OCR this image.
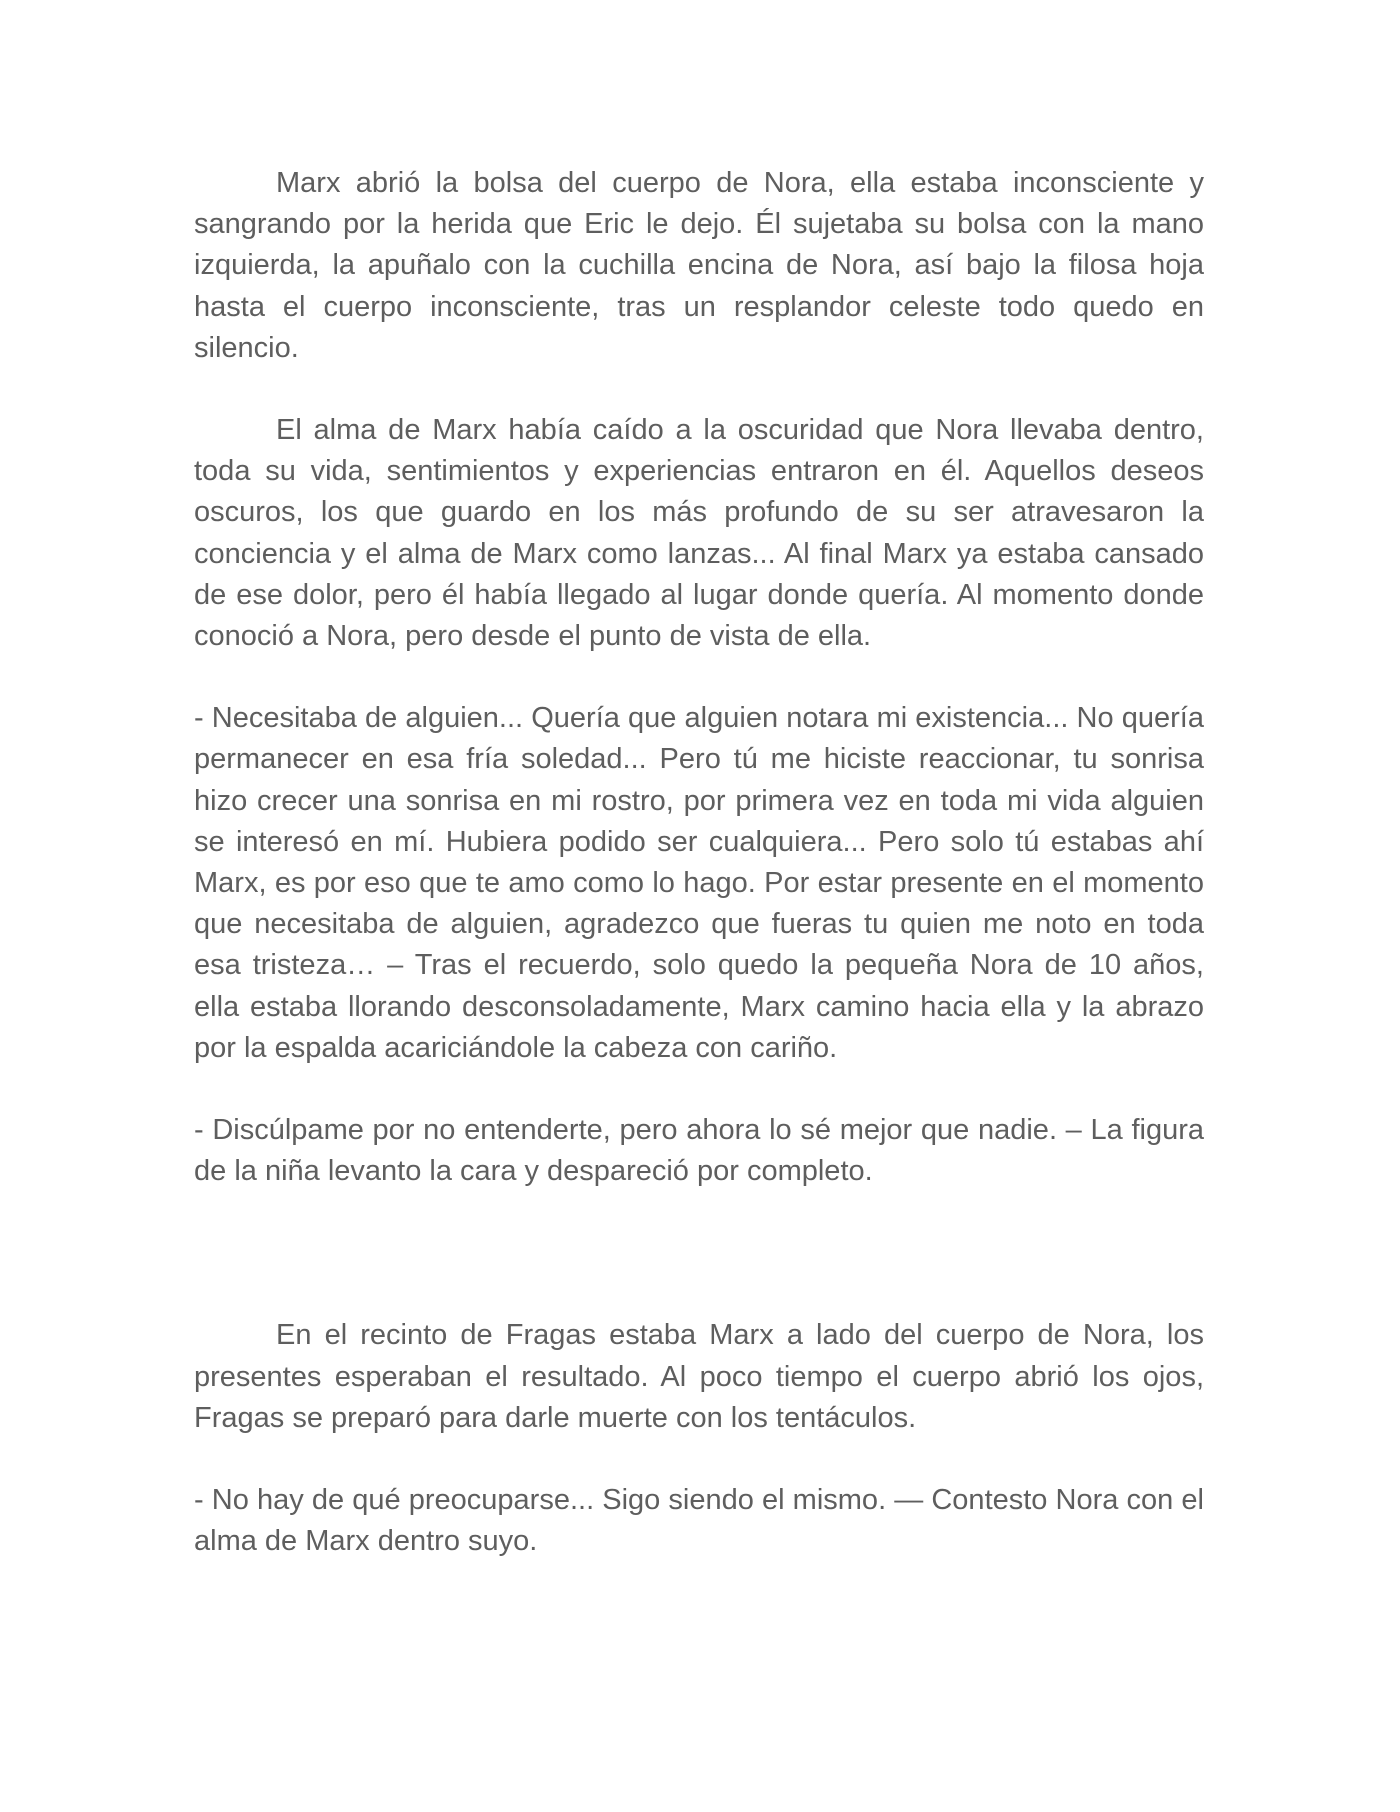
Marx abrió la bolsa del cuerpo de Nora, ella estaba inconsciente y sangrando por la herida que Eric le dejo. Él sujetaba su bolsa con la mano izquierda, la apuñalo con la cuchilla encina de Nora, así bajo la filosa hoja hasta el cuerpo inconsciente, tras un resplandor celeste todo quedo en silencio.

El alma de Marx había caído a la oscuridad que Nora llevaba dentro, toda su vida, sentimientos y experiencias entraron en él. Aquellos deseos oscuros, los que guardo en los más profundo de su ser atravesaron la conciencia y el alma de Marx como lanzas... Al final Marx ya estaba cansado de ese dolor, pero él había llegado al lugar donde quería. Al momento donde conoció a Nora, pero desde el punto de vista de ella.

- Necesitaba de alguien... Quería que alguien notara mi existencia... No quería permanecer en esa fría soledad... Pero tú me hiciste reaccionar, tu sonrisa hizo crecer una sonrisa en mi rostro, por primera vez en toda mi vida alguien se interesó en mí. Hubiera podido ser cualquiera... Pero solo tú estabas ahí Marx, es por eso que te amo como lo hago. Por estar presente en el momento que necesitaba de alguien, agradezco que fueras tu quien me noto en toda esa tristeza… – Tras el recuerdo, solo quedo la pequeña Nora de 10 años, ella estaba llorando desconsoladamente, Marx camino hacia ella y la abrazo por la espalda acariciándole la cabeza con cariño.

- Discúlpame por no entenderte, pero ahora lo sé mejor que nadie. – La figura de la niña levanto la cara y despareció por completo.

En el recinto de Fragas estaba Marx a lado del cuerpo de Nora, los presentes esperaban el resultado. Al poco tiempo el cuerpo abrió los ojos, Fragas se preparó para darle muerte con los tentáculos.

- No hay de qué preocuparse... Sigo siendo el mismo. — Contesto Nora con el alma de Marx dentro suyo.
